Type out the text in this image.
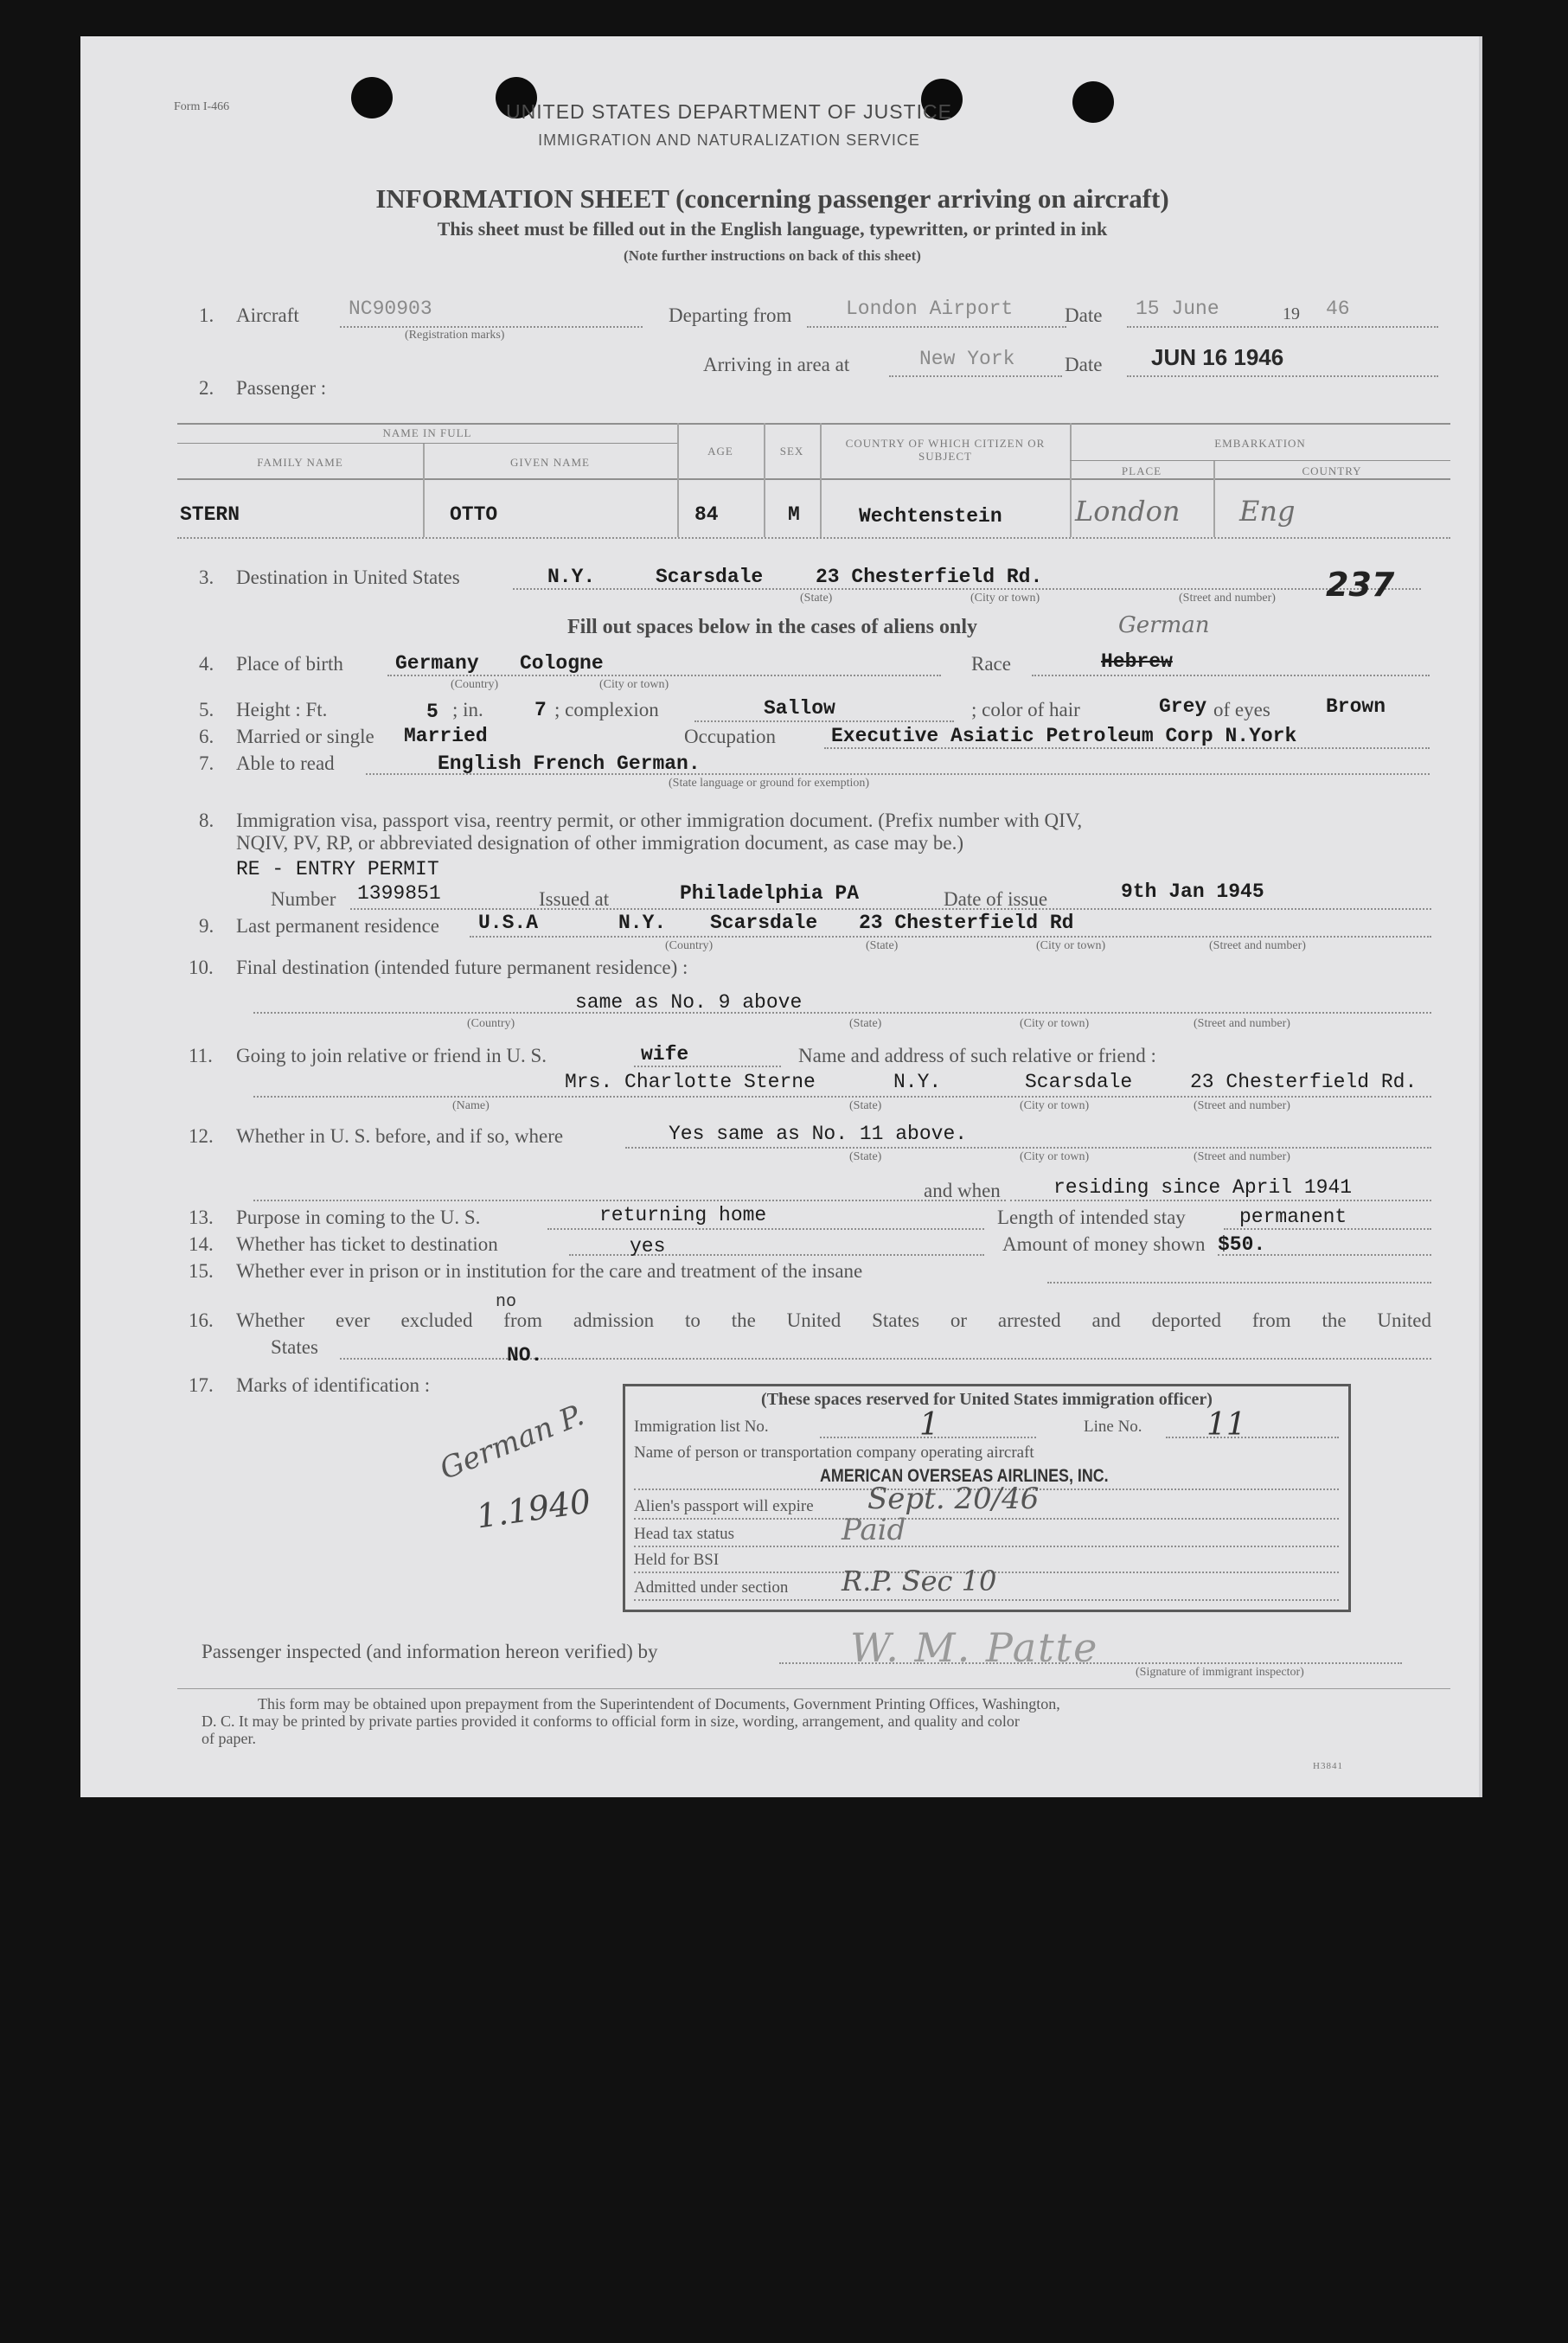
Form I-466	UNITED STATES DEPARTMENT OF JUSTICE
IMMIGRATION AND NATURALIZATION SERVICE
INFORMATION SHEET (concerning passenger arriving on aircraft)
This sheet must be filled out in the English language, typewritten, or printed in ink
(Note further instructions on back of this sheet)
1. Aircraft NC90903
(Registration marks)
Departing from	London Airport	Date 15 June	19 46
Arriving in area at	New York	Date JUN 16 1946
2. Passenger :
NAME IN FULL
FAMILY NAME	GIVEN NAME
AGE	SEX
COUNTRY OF WHICH CITIZEN OR SUBJECT
EMBARKATION
PLACE	COUNTRY
STERN	OTTO	84	M	Wechtenstein	London Eng
3. Destination in United States	N.Y.	Scarsdale	23 Chesterfield Rd.
(State)	(City or town)	(Street and number) 237
Fill out spaces below in the cases of aliens only
4. Place of birth	Germany Cologne
(Country)	(City or town)
Race
German
Hebrew
5. Height : Ft.	5 ; in.	7 ; complexion	Sallow	; color of hair	Grey of eyes	Brown
6. Married or single Married	Occupation	Executive Asiatic Petroleum Corp N.York
7. Able to read	English French German.
(State language or ground for exemption)
8. Immigration visa, passport visa, reentry permit, or other immigration document. (Prefix number with QIV,
NQIV, PV, RP, or abbreviated designation of other immigration document, as case may be.)
RE - ENTRY PERMIT
Number 1399851	Issued at	Philadelphia PA	Date of issue	9th Jan 1945
9. Last permanent residence U.S.A	N.Y. Scarsdale 23 Chesterfield Rd
(Country)	(State)	(City or town)	(Street and number)
10. Final destination (intended future permanent residence) :
same as No. 9 above
(Country)	(State)	(City or town)	(Street and number)
11. Going to join relative or friend in U. S.	wife	Name and address of such relative or friend :
Mrs. Charlotte Sterne	N.Y.	Scarsdale	23 Chesterfield Rd.
(Name)	(State)	(City or town)	(Street and number)
12. Whether in U. S. before, and if so, where	Yes same as No. 11 above.
(State)	(City or town)	(Street and number)
and when	residing since April 1941
13. Purpose in coming to the U. S.	returning home	Length of intended stay	permanent
14. Whether has ticket to destination	yes	Amount of money shown $50.
15. Whether ever in prison or in institution for the care and treatment of the insane
no
16. Whether ever excluded from admission to the United States or arrested and deported from the United
States	NO.
17. Marks of identification :
German P.
1.1940
(These spaces reserved for United States immigration officer)
Immigration list No.	1	Line No. 11
Name of person or transportation company operating aircraft
AMERICAN OVERSEAS AIRLINES, INC.
Alien's passport will expire Sept. 20/46
Head tax status	Paid
Held for BSI
Admitted under section R.P. Sec 10
Passenger inspected (and information hereon verified) by	W. M. Patte
(Signature of immigrant inspector)
This form may be obtained upon prepayment from the Superintendent of Documents, Government Printing Offices, Washington,
D. C. It may be printed by private parties provided it conforms to official form in size, wording, arrangement, and quality and color
of paper.
H3841
